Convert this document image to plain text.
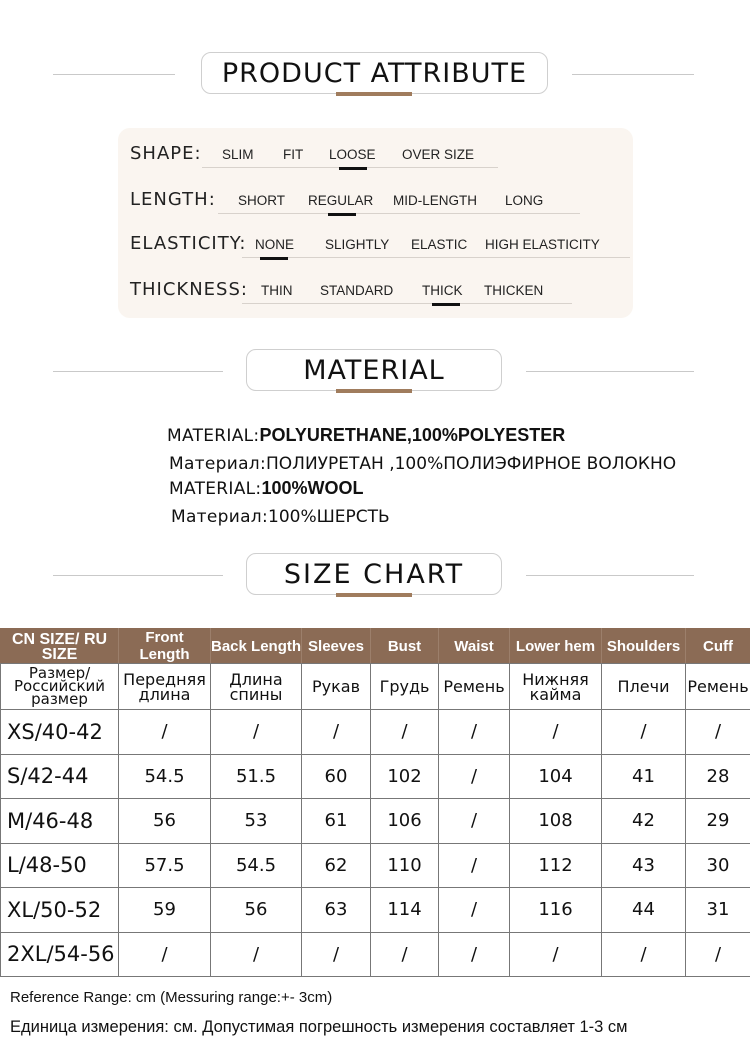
PRODUCT ATTRIBUTE
SHAPE: SLIM FIT LOOSE OVER SIZE
LENGTH: SHORT REGULAR MID-LENGTH LONG
ELASTICITY: NONE SLIGHTLY ELASTIC HIGH ELASTICITY
THICKNESS: THIN STANDARD THICK THICKEN
MATERIAL
MATERIAL:POLYURETHANE,100%POLYESTER
Материал:ПОЛИУРЕТАН ,100%ПОЛИЭФИРНОЕ ВОЛОКНО
MATERIAL:100%WOOL
Материал:100%ШЕРСТЬ
SIZE CHART
CN SIZE/ RU SIZE	Front Length	Back Length	Sleeves	Bust	Waist	Lower hem	Shoulders	Cuff
Размер/ Российский размер	Передняя длина	Длина спины	Рукав	Грудь	Ремень	Нижняя кайма	Плечи	Ремень
XS/40-42	/	/	/	/	/	/	/	/
S/42-44	54.5	51.5	60	102	/	104	41	28
M/46-48	56	53	61	106	/	108	42	29
L/48-50	57.5	54.5	62	110	/	112	43	30
XL/50-52	59	56	63	114	/	116	44	31
2XL/54-56	/	/	/	/	/	/	/	/
Reference Range: cm (Messuring range:+- 3cm)
Единица измерения: см. Допустимая погрешность измерения составляет 1-3 см
